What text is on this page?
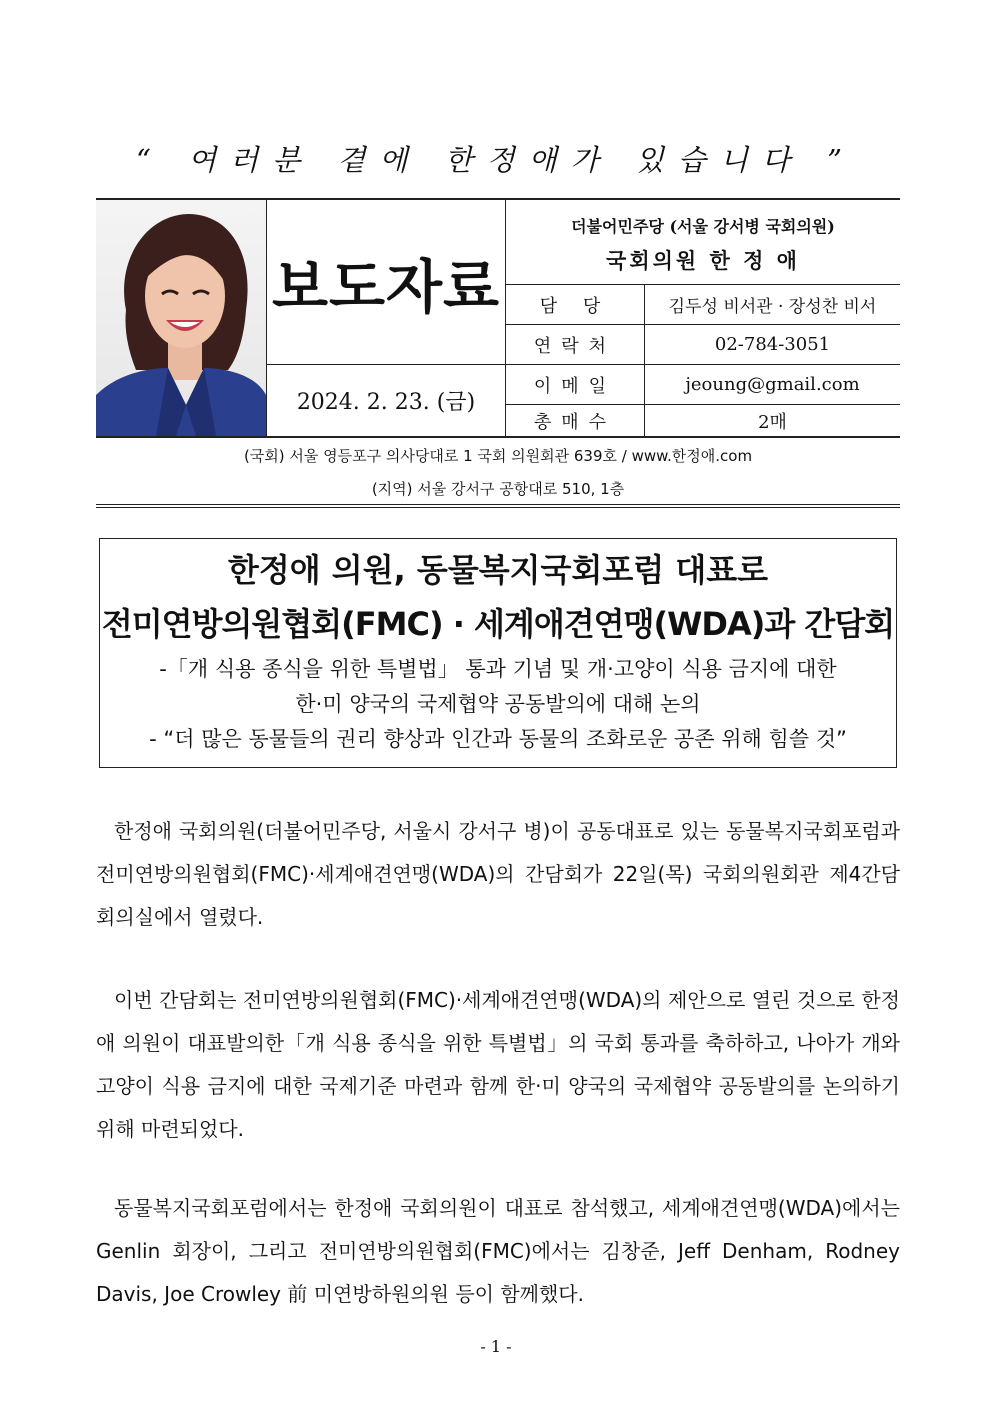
“ 여러분 곁에 한정애가 있습니다 ”
보도자료
2024. 2. 23. (금)
더불어민주당 (서울 강서병 국회의원)
국회의원 한 정 애
담 당	김두성 비서관 · 장성찬 비서
연락처	02-784-3051
이메일	jeoung@gmail.com
총매수	2매
(국회) 서울 영등포구 의사당대로 1 국회 의원회관 639호 / www.한정애.com
(지역) 서울 강서구 공항대로 510, 1층
한정애 의원, 동물복지국회포럼 대표로
전미연방의원협회(FMC) · 세계애견연맹(WDA)과 간담회
-「개 식용 종식을 위한 특별법」 통과 기념 및 개·고양이 식용 금지에 대한
한·미 양국의 국제협약 공동발의에 대해 논의
- “더 많은 동물들의 권리 향상과 인간과 동물의 조화로운 공존 위해 힘쓸 것”
한정애 국회의원(더불어민주당, 서울시 강서구 병)이 공동대표로 있는 동물복지국회포럼과 전미연방의원협회(FMC)·세계애견연맹(WDA)의 간담회가 22일(목) 국회의원회관 제4간담회의실에서 열렸다.
이번 간담회는 전미연방의원협회(FMC)·세계애견연맹(WDA)의 제안으로 열린 것으로 한정애 의원이 대표발의한「개 식용 종식을 위한 특별법」의 국회 통과를 축하하고, 나아가 개와 고양이 식용 금지에 대한 국제기준 마련과 함께 한·미 양국의 국제협약 공동발의를 논의하기 위해 마련되었다.
동물복지국회포럼에서는 한정애 국회의원이 대표로 참석했고, 세계애견연맹(WDA)에서는 Genlin 회장이, 그리고 전미연방의원협회(FMC)에서는 김창준, Jeff Denham, Rodney Davis, Joe Crowley 前 미연방하원의원 등이 함께했다.
- 1 -
